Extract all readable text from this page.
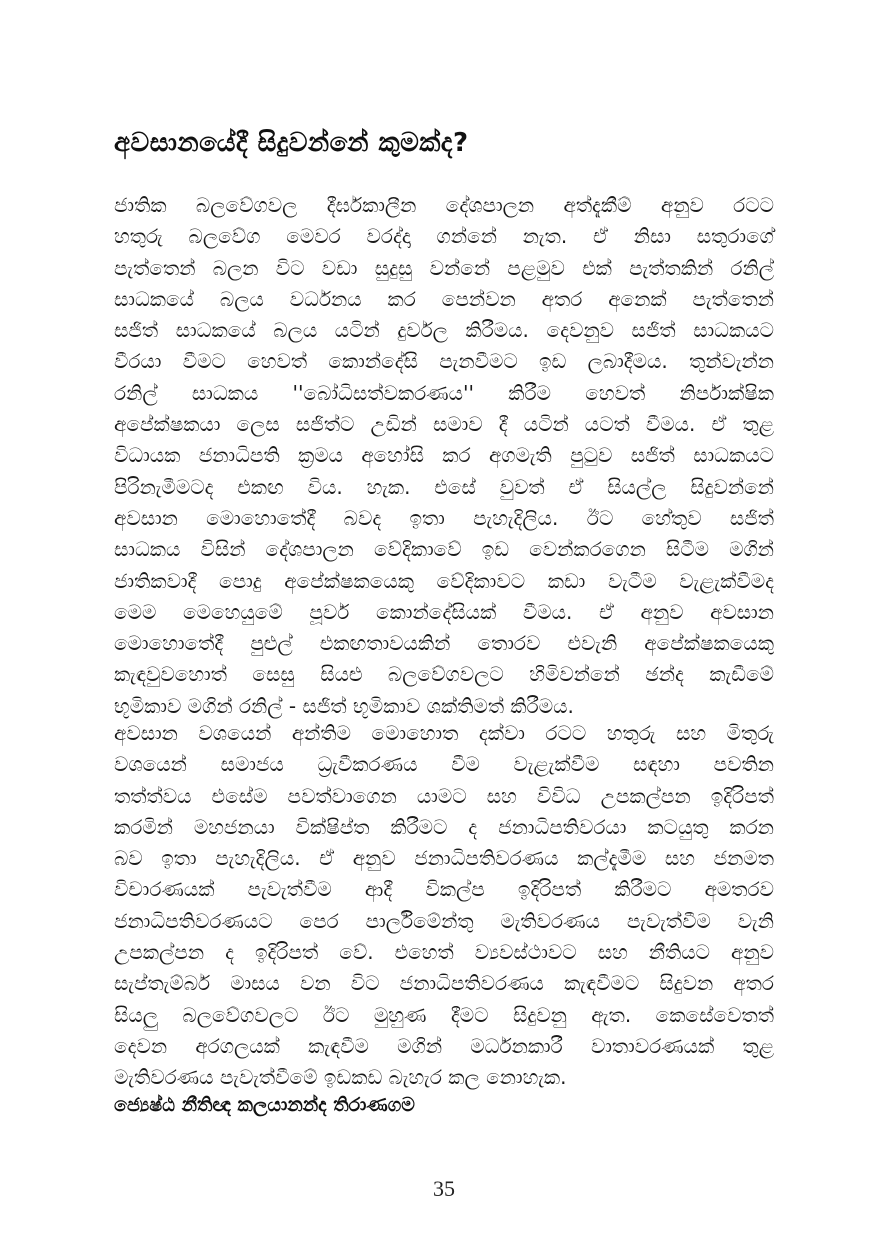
අවසානයේදී සිදුවන්නේ කුමක්ද?
ජාතික බලවේගවල දීර්ඝකාලීන දේශපාලන අත්දැකීම් අනුව රටට
හතුරු බලවේග මෙවර වරද්දා ගන්නේ නැත. ඒ නිසා සතුරාගේ
පැත්තෙන් බලන විට වඩා සුදුසු වන්නේ පළමුව එක් පැත්තකින් රනිල්
සාධකයේ බලය වර්ධනය කර පෙන්වන අතර අනෙක් පැත්තෙන්
සජිත් සාධකයේ බලය යටින් දුර්වල කිරීමය. දෙවනුව සජිත් සාධකයට
වීරයා වීමට හෙවත් කොන්දේසි පැනවීමට ඉඩ ලබාදීමය. තුන්වැන්න
රනිල් සාධකය ''බෝධිසත්වකරණය'' කිරීම හෙවත් නිර්පාක්ෂික
අපේක්ෂකයා ලෙස සජිත්ට උඩින් සමාව දී යටින් යටත් වීමය. ඒ තුළ
විධායක ජනාධිපති ක්‍රමය අහෝසි කර අගමැති පුටුව සජිත් සාධකයට
පිරිනැමීමටද එකඟ විය. හැක. එසේ වුවත් ඒ සියල්ල සිදුවන්නේ
අවසාන මොහොතේදී බවද ඉතා පැහැදිලිය. ඊට හේතුව සජිත්
සාධකය විසින් දේශපාලන වේදිකාවේ ඉඩ වෙන්කරගෙන සිටීම මගින්
ජාතිකවාදී පොදු අපේක්ෂකයෙකු වේදිකාවට කඩා වැටීම වැළැක්වීමද
මෙම මෙහෙයුමේ පූර්ව කොන්දේසියක් වීමය. ඒ අනුව අවසාන
මොහොතේදී පුළුල් එකඟතාවයකින් තොරව එවැනි අපේක්ෂකයෙකු
කැඳවුවහොත් සෙසු සියළු බලවේගවලට හිමිවන්නේ ඡන්ද කැඩීමේ
භූමිකාව මගින් රනිල් - සජිත් භූමිකාව ශක්තිමත් කිරීමය.
අවසාන වශයෙන් අන්තිම මොහොත දක්වා රටට හතුරු සහ මිතුරු
වශයෙන් සමාජය ධ්‍රැවීකරණය වීම වැළැක්වීම සඳහා පවතින
තත්ත්වය එසේම පවත්වාගෙන යාමට සහ විවිධ උපකල්පන ඉදිරිපත්
කරමින් මහජනයා වික්ෂිප්ත කිරීමට ද ජනාධිපතිවරයා කටයුතු කරන
බව ඉතා පැහැදිලිය. ඒ අනුව ජනාධිපතිවරණය කල්දැමීම සහ ජනමත
විචාරණයක් පැවැත්වීම ආදී විකල්ප ඉදිරිපත් කිරීමට අමතරව
ජනාධිපතිවරණයට පෙර පාර්ලිමේන්තු මැතිවරණය පැවැත්වීම වැනි
උපකල්පන ද ඉදිරිපත් වේ. එහෙත් ව්‍යවස්ථාවට සහ නීතියට අනුව
සැප්තැම්බර් මාසය වන විට ජනාධිපතිවරණය කැඳවීමට සිදුවන අතර
සියලු බලවේගවලට ඊට මුහුණ දීමට සිදුවනු ඇත. කෙසේවෙතත්
දෙවන අරගලයක් කැඳවීම මගින් මර්ධනකාරී වාතාවරණයක් තුළ
මැතිවරණය පැවැත්වීමේ ඉඩකඩ බැහැර කල නොහැක.
ජ්‍යෙෂ්ඨ නීතිඥ කලයානන්ද තිරාණගම
35
